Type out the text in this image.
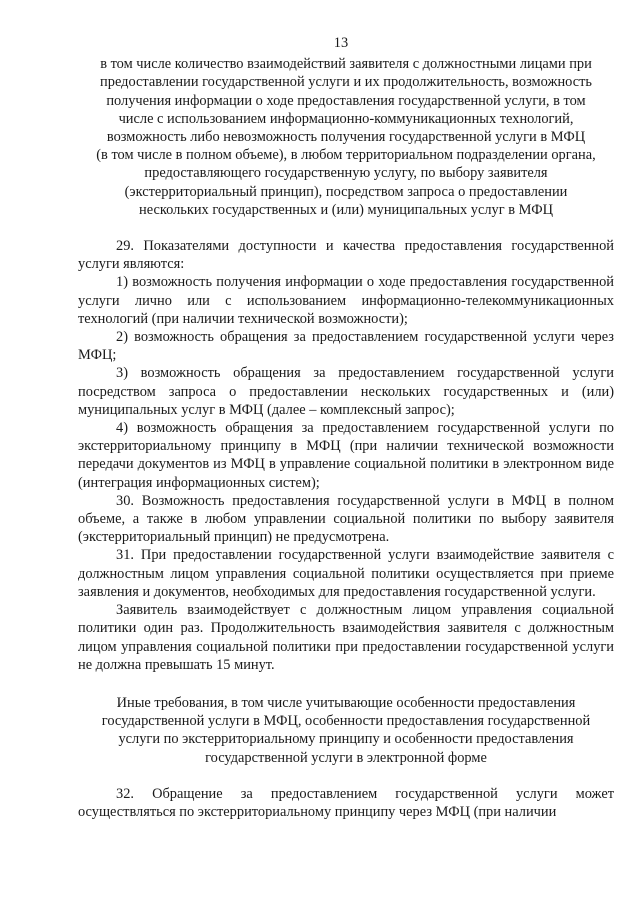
13

в том числе количество взаимодействий заявителя с должностными лицами при

предоставлении государственной услуги и их продолжительность, возможность

получения информации о ходе предоставления государственной услуги, в том

числе с использованием информационно-коммуникационных технологий,

возможность либо невозможность получения государственной услуги в МФЦ

(в том числе в полном объеме), в любом территориальном подразделении органа,

предоставляющего государственную услугу, по выбору заявителя

(экстерриториальный принцип), посредством запроса о предоставлении

нескольких государственных и (или) муниципальных услуг в МФЦ

29. Показателями доступности и качества предоставления государственной услуги являются:

1) возможность получения информации о ходе предоставления государственной услуги лично или с использованием информационно-телекоммуникационных технологий (при наличии технической возможности);

2) возможность обращения за предоставлением государственной услуги через МФЦ;

3) возможность обращения за предоставлением государственной услуги посредством запроса о предоставлении нескольких государственных и (или) муниципальных услуг в МФЦ (далее – комплексный запрос);

4) возможность обращения за предоставлением государственной услуги по экстерриториальному принципу в МФЦ (при наличии технической возможности передачи документов из МФЦ в управление социальной политики в электронном виде (интеграция информационных систем);

30. Возможность предоставления государственной услуги в МФЦ в полном объеме, а также в любом управлении социальной политики по выбору заявителя (экстерриториальный принцип) не предусмотрена.

31. При предоставлении государственной услуги взаимодействие заявителя с должностным лицом управления социальной политики осуществляется при приеме заявления и документов, необходимых для предоставления государственной услуги.

Заявитель взаимодействует с должностным лицом управления социальной политики один раз. Продолжительность взаимодействия заявителя с должностным лицом управления социальной политики при предоставлении государственной услуги не должна превышать 15 минут.

Иные требования, в том числе учитывающие особенности предоставления

государственной услуги в МФЦ, особенности предоставления государственной

услуги по экстерриториальному принципу и особенности предоставления

государственной услуги в электронной форме

32. Обращение за предоставлением государственной услуги может осуществляться по экстерриториальному принципу через МФЦ (при наличии
